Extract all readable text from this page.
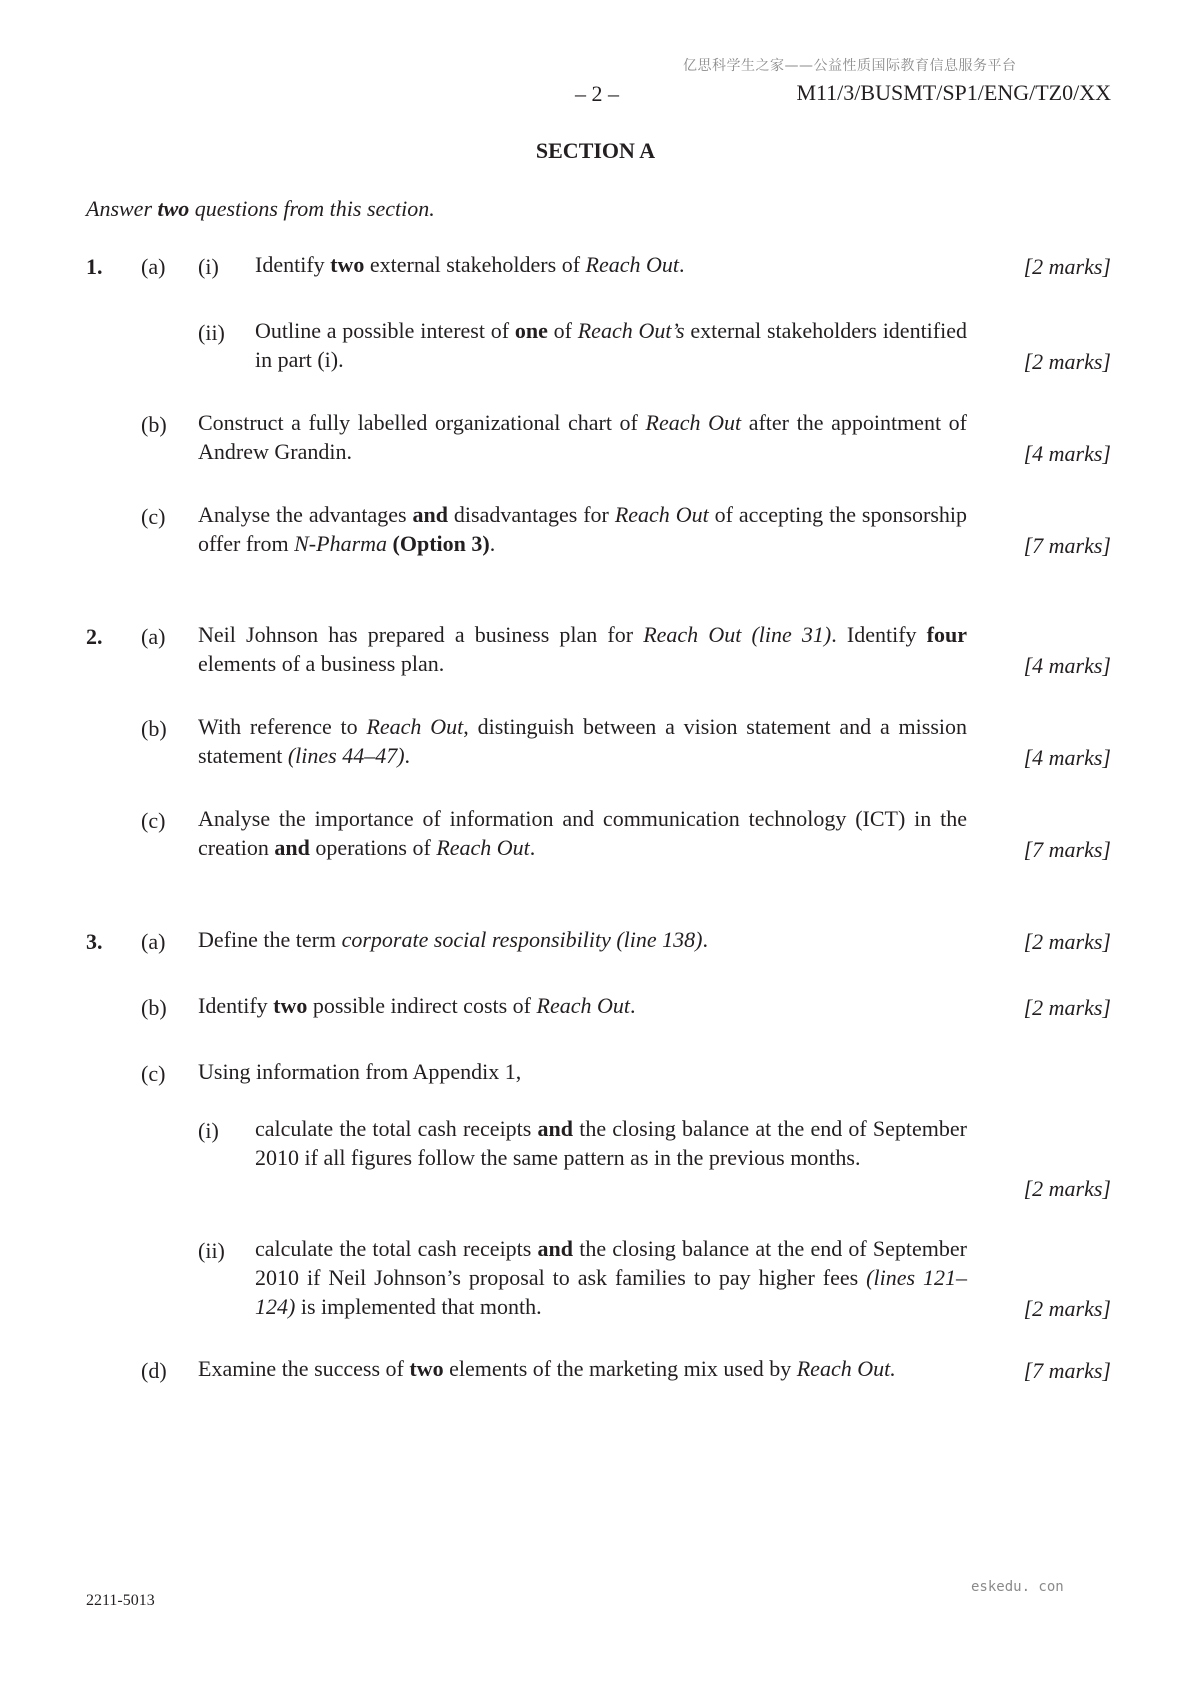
亿思科学生之家——公益性质国际教育信息服务平台
– 2 –	M11/3/BUSMT/SP1/ENG/TZ0/XX
SECTION A
Answer two questions from this section.
1. (a) (i) Identify two external stakeholders of Reach Out.	[2 marks]
(ii) Outline a possible interest of one of Reach Out’s external stakeholders identified in part (i).	[2 marks]
(b) Construct a fully labelled organizational chart of Reach Out after the appointment of Andrew Grandin.	[4 marks]
(c) Analyse the advantages and disadvantages for Reach Out of accepting the sponsorship offer from N-Pharma (Option 3).	[7 marks]
2. (a) Neil Johnson has prepared a business plan for Reach Out (line 31). Identify four elements of a business plan.	[4 marks]
(b) With reference to Reach Out, distinguish between a vision statement and a mission statement (lines 44–47).	[4 marks]
(c) Analyse the importance of information and communication technology (ICT) in the creation and operations of Reach Out.	[7 marks]
3. (a) Define the term corporate social responsibility (line 138).	[2 marks]
(b) Identify two possible indirect costs of Reach Out.	[2 marks]
(c) Using information from Appendix 1,
(i) calculate the total cash receipts and the closing balance at the end of September 2010 if all figures follow the same pattern as in the previous months.
[2 marks]
(ii) calculate the total cash receipts and the closing balance at the end of September 2010 if Neil Johnson’s proposal to ask families to pay higher fees (lines 121–124) is implemented that month.	[2 marks]
(d) Examine the success of two elements of the marketing mix used by Reach Out.	[7 marks]
2211-5013
eskedu. con
